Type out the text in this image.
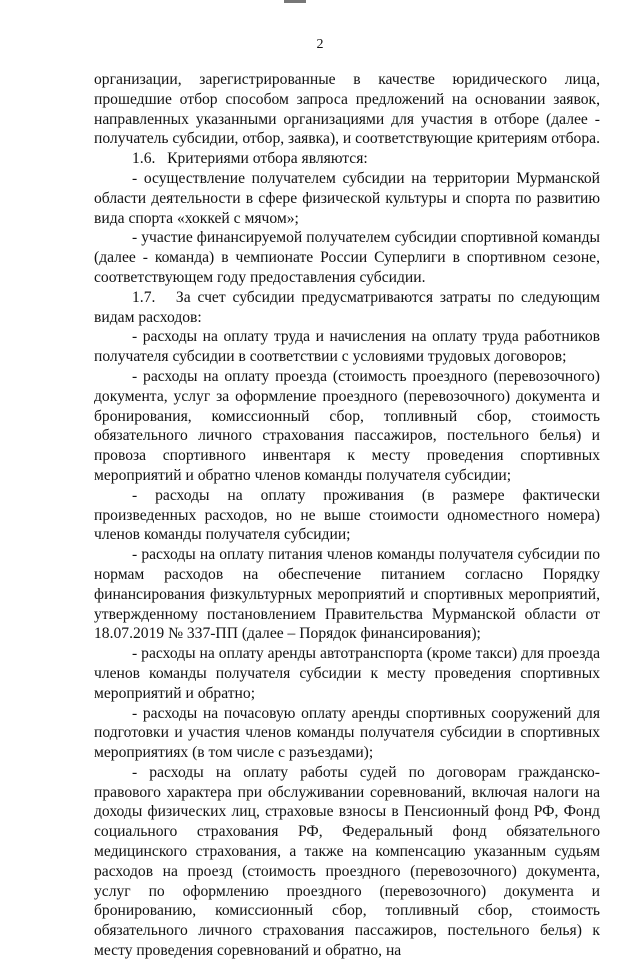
2

организации, зарегистрированные в качестве юридического лица, прошедшие отбор способом запроса предложений на основании заявок, направленных указанными организациями для участия в отборе (далее - получатель субсидии, отбор, заявка), и соответствующие критериям отбора.

1.6.   Критериями отбора являются:

- осуществление получателем субсидии на территории Мурманской области деятельности в сфере физической культуры и спорта по развитию вида спорта «хоккей с мячом»;

- участие финансируемой получателем субсидии спортивной команды (далее - команда) в чемпионате России Суперлиги в спортивном сезоне, соответствующем году предоставления субсидии.

1.7.   За счет субсидии предусматриваются затраты по следующим видам расходов:

- расходы на оплату труда и начисления на оплату труда работников получателя субсидии в соответствии с условиями трудовых договоров;

- расходы на оплату проезда (стоимость проездного (перевозочного) документа, услуг за оформление проездного (перевозочного) документа и бронирования, комиссионный сбор, топливный сбор, стоимость обязательного личного страхования пассажиров, постельного белья) и провоза спортивного инвентаря к месту проведения спортивных мероприятий и обратно членов команды получателя субсидии;

- расходы на оплату проживания (в размере фактически произведенных расходов, но не выше стоимости одноместного номера) членов команды получателя субсидии;

- расходы на оплату питания членов команды получателя субсидии по нормам расходов на обеспечение питанием согласно Порядку финансирования физкультурных мероприятий и спортивных мероприятий, утвержденному постановлением Правительства Мурманской области от 18.07.2019 № 337-ПП (далее – Порядок финансирования);

- расходы на оплату аренды автотранспорта (кроме такси) для проезда членов команды получателя субсидии к месту проведения спортивных мероприятий и обратно;

- расходы на почасовую оплату аренды спортивных сооружений для подготовки и участия членов команды получателя субсидии в спортивных мероприятиях (в том числе с разъездами);

- расходы на оплату работы судей по договорам гражданско-правового характера при обслуживании соревнований, включая налоги на доходы физических лиц, страховые взносы в Пенсионный фонд РФ, Фонд социального страхования РФ, Федеральный фонд обязательного медицинского страхования, а также на компенсацию указанным судьям расходов на проезд (стоимость проездного (перевозочного) документа, услуг по оформлению проездного (перевозочного) документа и бронированию, комиссионный сбор, топливный сбор, стоимость обязательного личного страхования пассажиров, постельного белья) к месту проведения соревнований и обратно, на
